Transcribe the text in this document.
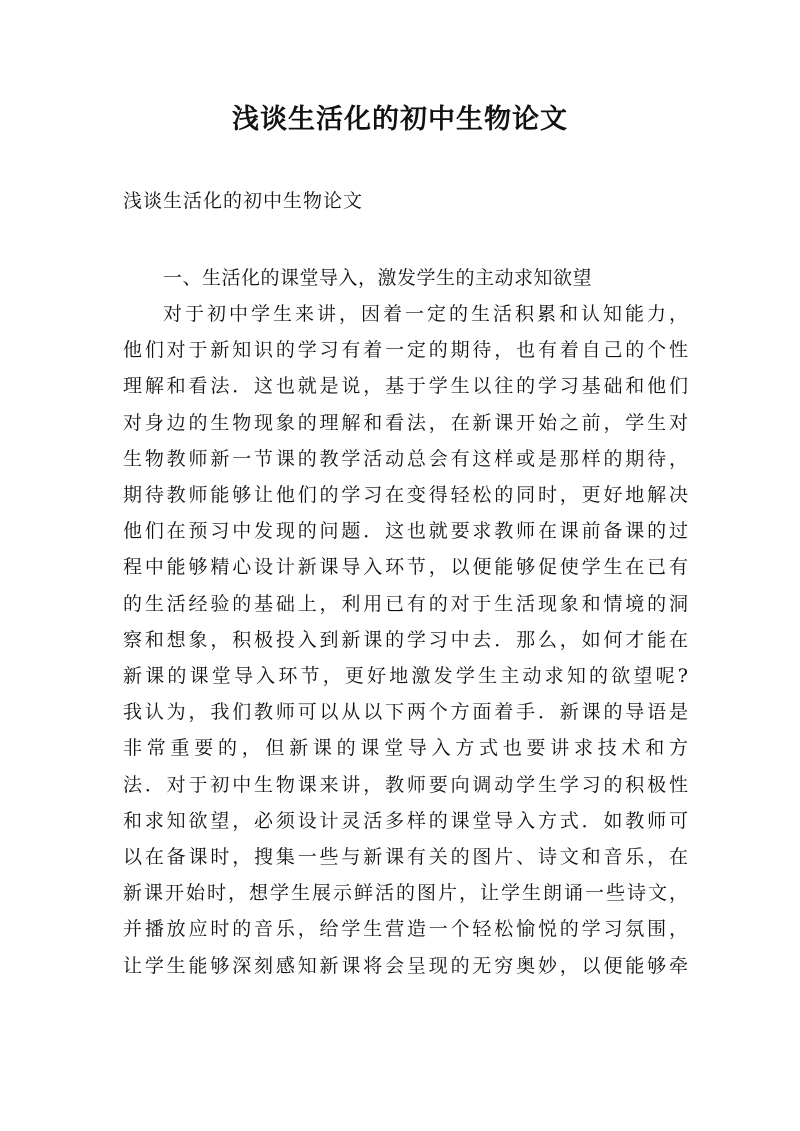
浅谈生活化的初中生物论文
浅谈生活化的初中生物论文
一、生活化的课堂导入，激发学生的主动求知欲望
对于初中学生来讲，因着一定的生活积累和认知能力，
他们对于新知识的学习有着一定的期待，也有着自己的个性
理解和看法．这也就是说，基于学生以往的学习基础和他们
对身边的生物现象的理解和看法，在新课开始之前，学生对
生物教师新一节课的教学活动总会有这样或是那样的期待，
期待教师能够让他们的学习在变得轻松的同时，更好地解决
他们在预习中发现的问题．这也就要求教师在课前备课的过
程中能够精心设计新课导入环节，以便能够促使学生在已有
的生活经验的基础上，利用已有的对于生活现象和情境的洞
察和想象，积极投入到新课的学习中去．那么，如何才能在
新课的课堂导入环节，更好地激发学生主动求知的欲望呢?
我认为，我们教师可以从以下两个方面着手．新课的导语是
非常重要的，但新课的课堂导入方式也要讲求技术和方
法．对于初中生物课来讲，教师要向调动学生学习的积极性
和求知欲望，必须设计灵活多样的课堂导入方式．如教师可
以在备课时，搜集一些与新课有关的图片、诗文和音乐，在
新课开始时，想学生展示鲜活的图片，让学生朗诵一些诗文，
并播放应时的音乐，给学生营造一个轻松愉悦的学习氛围，
让学生能够深刻感知新课将会呈现的无穷奥妙，以便能够牵
